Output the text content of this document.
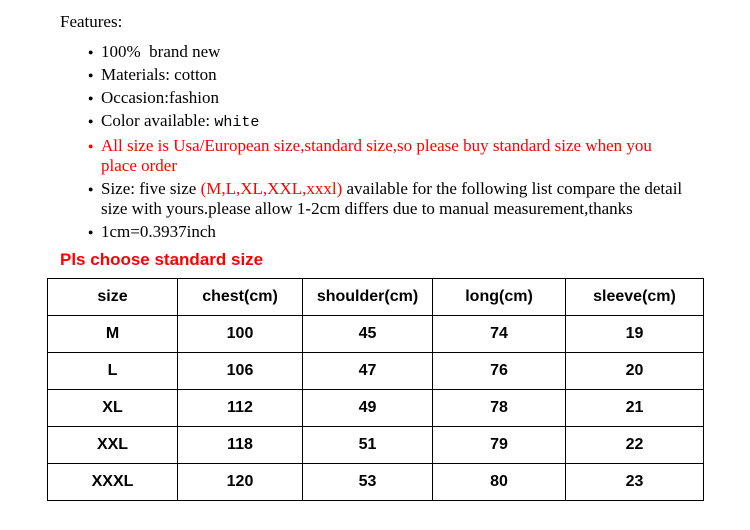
Features:
● 100%  brand new
● Materials: cotton
● Occasion:fashion
● Color available: white
● All size is Usa/European size,standard size,so please buy standard size when you place order
● Size: five size (M,L,XL,XXL,xxxl) available for the following list compare the detail size with yours.please allow 1-2cm differs due to manual measurement,thanks
● 1cm=0.3937inch
Pls choose standard size
size	chest(cm)	shoulder(cm)	long(cm)	sleeve(cm)
M	100	45	74	19
L	106	47	76	20
XL	112	49	78	21
XXL	118	51	79	22
XXXL	120	53	80	23
